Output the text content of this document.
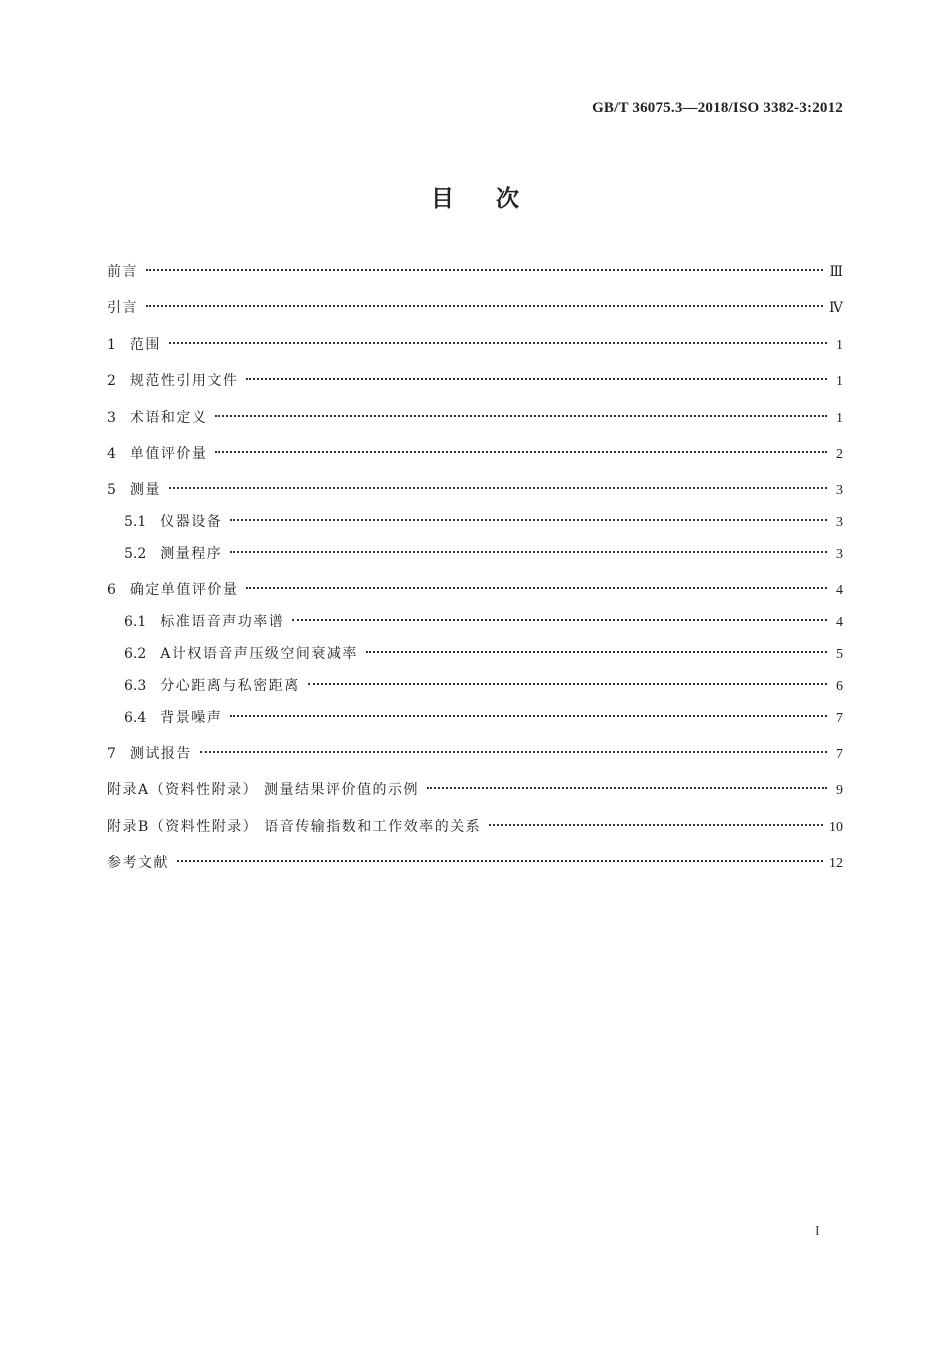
GB/T 36075.3—2018/ISO 3382-3:2012
目次
前言	Ⅲ
引言	Ⅳ
1 范围	1
2 规范性引用文件	1
3 术语和定义	1
4 单值评价量	2
5 测量	3
5.1 仪器设备	3
5.2 测量程序	3
6 确定单值评价量	4
6.1 标准语音声功率谱	4
6.2 A计权语音声压级空间衰减率	5
6.3 分心距离与私密距离	6
6.4 背景噪声	7
7 测试报告	7
附录A（资料性附录） 测量结果评价值的示例	9
附录B（资料性附录） 语音传输指数和工作效率的关系	10
参考文献	12
I
